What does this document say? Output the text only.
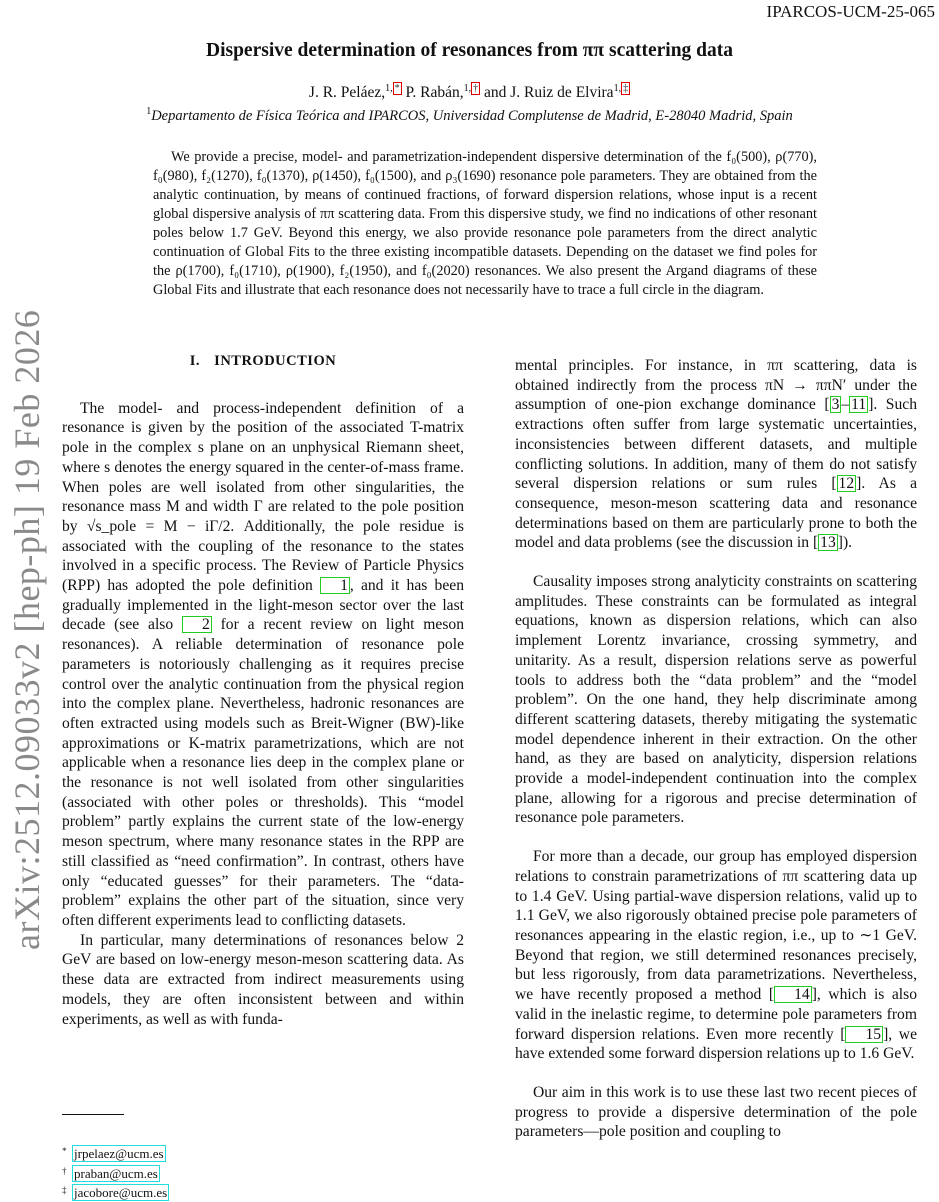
IPARCOS-UCM-25-065
arXiv:2512.09033v2 [hep-ph] 19 Feb 2026
Dispersive determination of resonances from ππ scattering data
J. R. Peláez,$^{1,}$ * P. Rabán,$^{1,}$ † and J. Ruiz de Elvira$^{1,}$ ‡
$^1$Departamento de Física Teórica and IPARCOS, Universidad Complutense de Madrid, E-28040 Madrid, Spain
We provide a precise, model- and parametrization-independent dispersive determination of the f₀(500), ρ(770), f₀(980), f₂(1270), f₀(1370), ρ(1450), f₀(1500), and ρ₃(1690) resonance pole parameters. They are obtained from the analytic continuation, by means of continued fractions, of forward dispersion relations, whose input is a recent global dispersive analysis of ππ scattering data. From this dispersive study, we find no indications of other resonant poles below 1.7 GeV. Beyond this energy, we also provide resonance pole parameters from the direct analytic continuation of Global Fits to the three existing incompatible datasets. Depending on the dataset we find poles for the ρ(1700), f₀(1710), ρ(1900), f₂(1950), and f₀(2020) resonances. We also present the Argand diagrams of these Global Fits and illustrate that each resonance does not necessarily have to trace a full circle in the diagram.
I. INTRODUCTION

The model- and process-independent definition of a resonance is given by the position of the associated T-matrix pole in the complex s plane on an unphysical Riemann sheet, where s denotes the energy squared in the center-of-mass frame. When poles are well isolated from other singularities, the resonance mass M and width Γ are related to the pole position by √s_pole = M − iΓ/2. Additionally, the pole residue is associated with the coupling of the resonance to the states involved in a specific process. The Review of Particle Physics (RPP) has adopted the pole definition 1 , and it has been gradually implemented in the light-meson sector over the last decade (see also 2 for a recent review on light meson resonances). A reliable determination of resonance pole parameters is notoriously challenging as it requires precise control over the analytic continuation from the physical region into the complex plane. Nevertheless, hadronic resonances are often extracted using models such as Breit-Wigner (BW)-like approximations or K-matrix parametrizations, which are not applicable when a resonance lies deep in the complex plane or the resonance is not well isolated from other singularities (associated with other poles or thresholds). This “model problem” partly explains the current state of the low-energy meson spectrum, where many resonance states in the RPP are still classified as “need confirmation”. In contrast, others have only “educated guesses” for their parameters. The “data-problem” explains the other part of the situation, since very often different experiments lead to conflicting datasets.

In particular, many determinations of resonances below 2 GeV are based on low-energy meson-meson scattering data. As these data are extracted from indirect measurements using models, they are often inconsistent between and within experiments, as well as with funda-

mental principles. For instance, in ππ scattering, data is obtained indirectly from the process πN → ππN′ under the assumption of one-pion exchange dominance [ 3 – 11 ]. Such extractions often suffer from large systematic uncertainties, inconsistencies between different datasets, and multiple conflicting solutions. In addition, many of them do not satisfy several dispersion relations or sum rules [ 12 ]. As a consequence, meson-meson scattering data and resonance determinations based on them are particularly prone to both the model and data problems (see the discussion in [ 13 ]).

Causality imposes strong analyticity constraints on scattering amplitudes. These constraints can be formulated as integral equations, known as dispersion relations, which can also implement Lorentz invariance, crossing symmetry, and unitarity. As a result, dispersion relations serve as powerful tools to address both the “data problem” and the “model problem”. On the one hand, they help discriminate among different scattering datasets, thereby mitigating the systematic model dependence inherent in their extraction. On the other hand, as they are based on analyticity, dispersion relations provide a model-independent continuation into the complex plane, allowing for a rigorous and precise determination of resonance pole parameters.

For more than a decade, our group has employed dispersion relations to constrain parametrizations of ππ scattering data up to 1.4 GeV. Using partial-wave dispersion relations, valid up to 1.1 GeV, we also rigorously obtained precise pole parameters of resonances appearing in the elastic region, i.e., up to ∼1 GeV. Beyond that region, we still determined resonances precisely, but less rigorously, from data parametrizations. Nevertheless, we have recently proposed a method [ 14 ], which is also valid in the inelastic regime, to determine pole parameters from forward dispersion relations. Even more recently [ 15 ], we have extended some forward dispersion relations up to 1.6 GeV.

Our aim in this work is to use these last two recent pieces of progress to provide a dispersive determination of the pole parameters—pole position and coupling to

* jrpelaez@ucm.es
† praban@ucm.es
‡ jacobore@ucm.es
